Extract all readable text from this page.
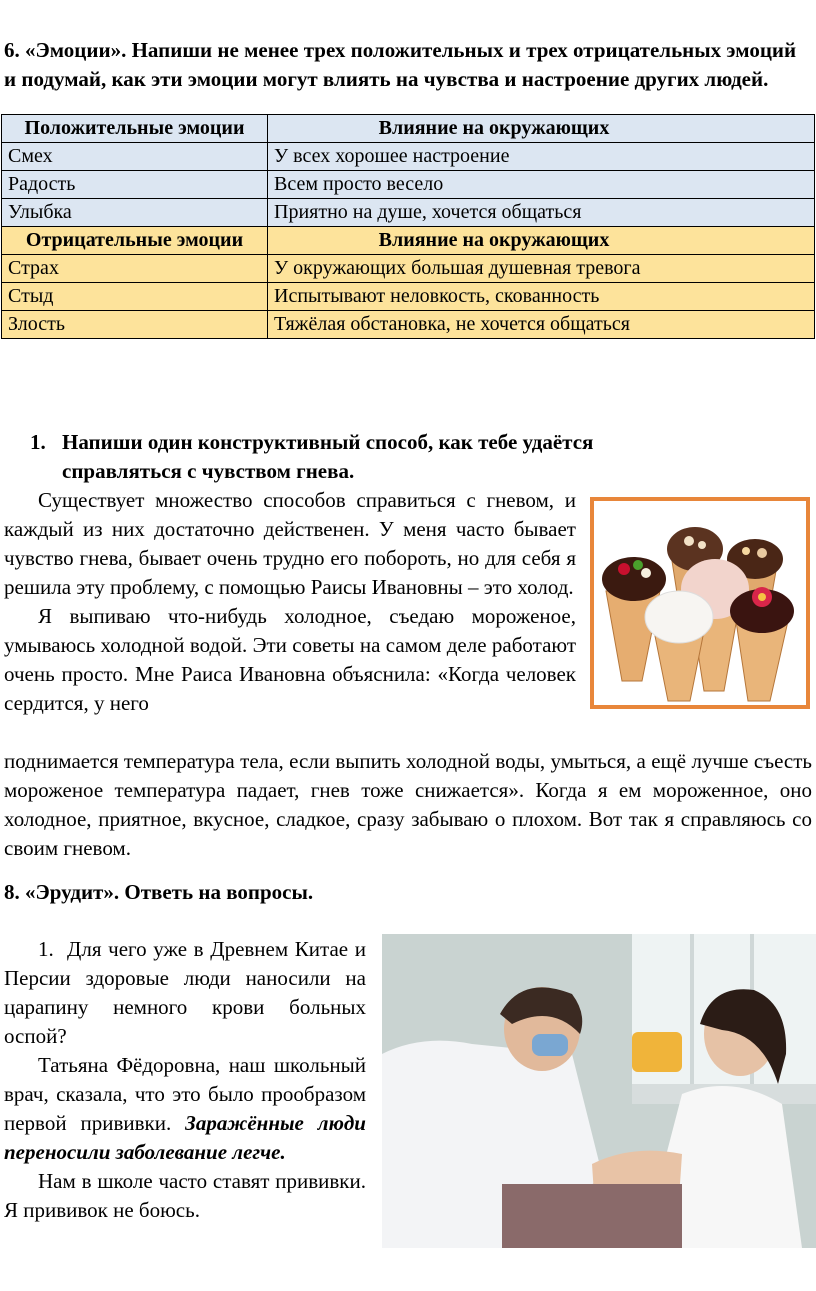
6. «Эмоции». Напиши не менее трех положительных и трех отрицательных эмоций и подумай, как эти эмоции могут влиять на чувства и настроение других людей.
Положительные эмоции	Влияние на окружающих
Смех	У всех хорошее настроение
Радость	Всем просто весело
Улыбка	Приятно на душе, хочется общаться
Отрицательные эмоции	Влияние на окружающих
Страх	У окружающих большая душевная тревога
Стыд	Испытывают неловкость, скованность
Злость	Тяжёлая обстановка, не хочется общаться
1. Напиши один конструктивный способ, как тебе удаётся
справляться с чувством гнева.

Существует множество способов справиться с гневом, и каждый из них достаточно действенен. У меня часто бывает чувство гнева, бывает очень трудно его побороть, но для себя я решила эту проблему, с помощью Раисы Ивановны – это холод.

Я выпиваю что-нибудь холодное, съедаю мороженое, умываюсь холодной водой. Эти советы на самом деле работают очень просто. Мне Раиса Ивановна объяснила: «Когда человек сердится, у него

поднимается температура тела, если выпить холодной воды, умыться, а ещё лучше съесть мороженое температура падает, гнев тоже снижается». Когда я ем мороженное, оно холодное, приятное, вкусное, сладкое, сразу забываю о плохом. Вот так я справляюсь со своим гневом.
8. «Эрудит». Ответь на вопросы.

1. Для чего уже в Древнем Китае и Персии здоровые люди наносили на царапину немного крови больных оспой?

Татьяна Фёдоровна, наш школьный врач, сказала, что это было прообразом первой прививки. Заражённые люди переносили заболевание легче.

Нам в школе часто ставят прививки. Я прививок не боюсь.
